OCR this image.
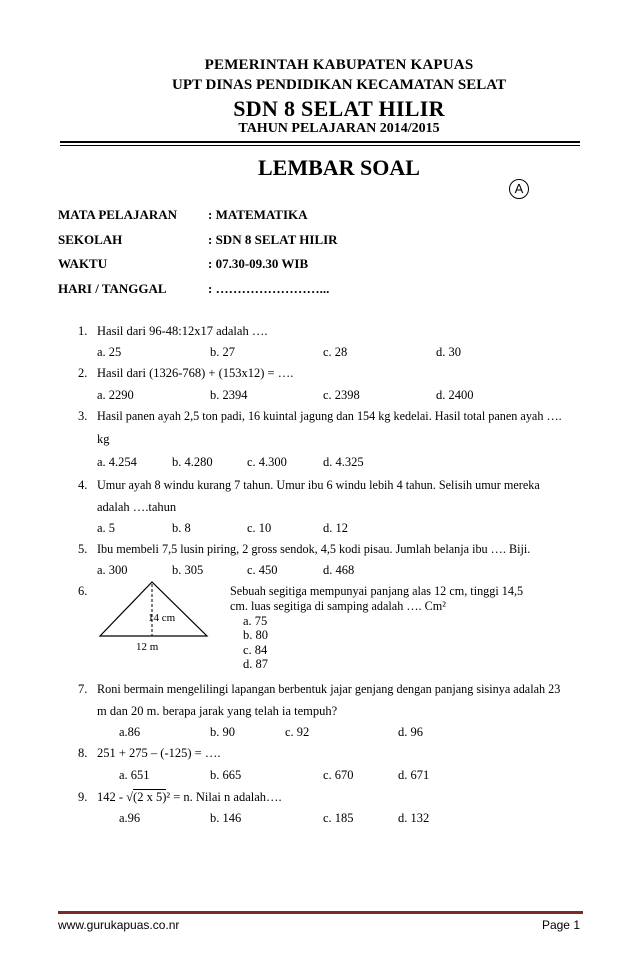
PEMERINTAH KABUPATEN KAPUAS
UPT DINAS PENDIDIKAN KECAMATAN SELAT
SDN 8 SELAT HILIR
TAHUN PELAJARAN 2014/2015
LEMBAR SOAL
A
MATA PELAJARAN : MATEMATIKA
SEKOLAH	: SDN 8 SELAT HILIR
WAKTU	: 07.30-09.30 WIB
HARI / TANGGAL	: ……………………...
1. Hasil dari 96-48:12x17 adalah ….
a. 25	b. 27	c. 28	d. 30
2. Hasil dari (1326-768) + (153x12) = ….
a. 2290	b. 2394	c. 2398	d. 2400
3. Hasil panen ayah 2,5 ton padi, 16 kuintal jagung dan 154 kg kedelai. Hasil total panen ayah ….
kg
a. 4.254	b. 4.280	c. 4.300	d. 4.325
4. Umur ayah 8 windu kurang 7 tahun. Umur ibu 6 windu lebih 4 tahun. Selisih umur mereka
adalah ….tahun
a. 5	b. 8	c. 10	d. 12
5. Ibu membeli 7,5 lusin piring, 2 gross sendok, 4,5 kodi pisau. Jumlah belanja ibu …. Biji.
a. 300	b. 305	c. 450	d. 468
6.
14 cm
12 m
Sebuah segitiga mempunyai panjang alas 12 cm, tinggi 14,5
cm. luas segitiga di samping adalah …. Cm²
a. 75
b. 80
c. 84
d. 87
7. Roni bermain mengelilingi lapangan berbentuk jajar genjang dengan panjang sisinya adalah 23
m dan 20 m. berapa jarak yang telah ia tempuh?
a.86	b. 90	c. 92	d. 96
8. 251 + 275 – (-125) = ….
a. 651	b. 665	c. 670	d. 671
9. 142 - √(2 x 5)² = n. Nilai n adalah….
a.96	b. 146	c. 185	d. 132
www.gurukapuas.co.nr	Page 1
